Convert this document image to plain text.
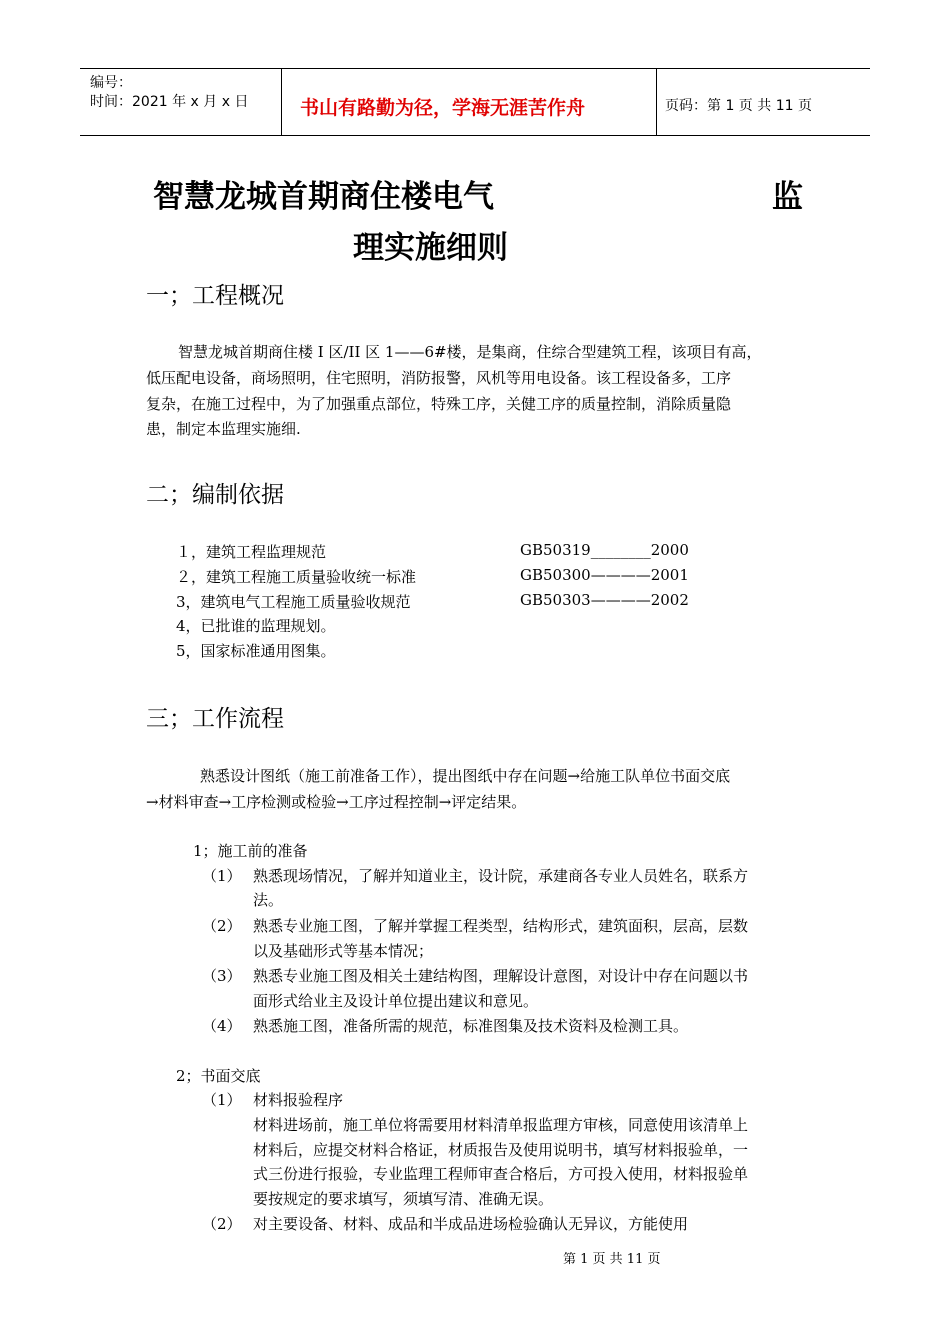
编号：
时间：2021 年 x 月 x 日	书山有路勤为径，学海无涯苦作舟	页码：第 1 页 共 11 页
智慧龙城首期商住楼电气	监
理实施细则
一；工程概况
智慧龙城首期商住楼 I 区/II 区 1——6#楼，是集商，住综合型建筑工程，该项目有高，
低压配电设备，商场照明，住宅照明，消防报警，风机等用电设备。该工程设备多，工序
复杂，在施工过程中，为了加强重点部位，特殊工序，关健工序的质量控制，消除质量隐
患，制定本监理实施细.
二；编制依据
１，建筑工程监理规范	GB50319________2000
２，建筑工程施工质量验收统一标准	GB50300————2001
3，建筑电气工程施工质量验收规范	GB50303————2002
4，已批谁的监理规划。
5，国家标准通用图集。
三；工作流程
熟悉设计图纸（施工前准备工作），提出图纸中存在问题→给施工队单位书面交底
→材料审查→工序检测或检验→工序过程控制→评定结果。
1；施工前的准备
（1） 熟悉现场情况，了解并知道业主，设计院，承建商各专业人员姓名，联系方
法。
（2） 熟悉专业施工图，了解并掌握工程类型，结构形式，建筑面积，层高，层数
以及基础形式等基本情况；
（3） 熟悉专业施工图及相关土建结构图，理解设计意图，对设计中存在问题以书
面形式给业主及设计单位提出建议和意见。
（4） 熟悉施工图，准备所需的规范，标准图集及技术资料及检测工具。
2；书面交底
（1） 材料报验程序
材料进场前，施工单位将需要用材料清单报监理方审核，同意使用该清单上
材料后，应提交材料合格证，材质报告及使用说明书，填写材料报验单，一
式三份进行报验，专业监理工程师审查合格后，方可投入使用，材料报验单
要按规定的要求填写，须填写清、准确无误。
（2） 对主要设备、材料、成品和半成品进场检验确认无异议，方能使用
第 1 页 共 11 页
